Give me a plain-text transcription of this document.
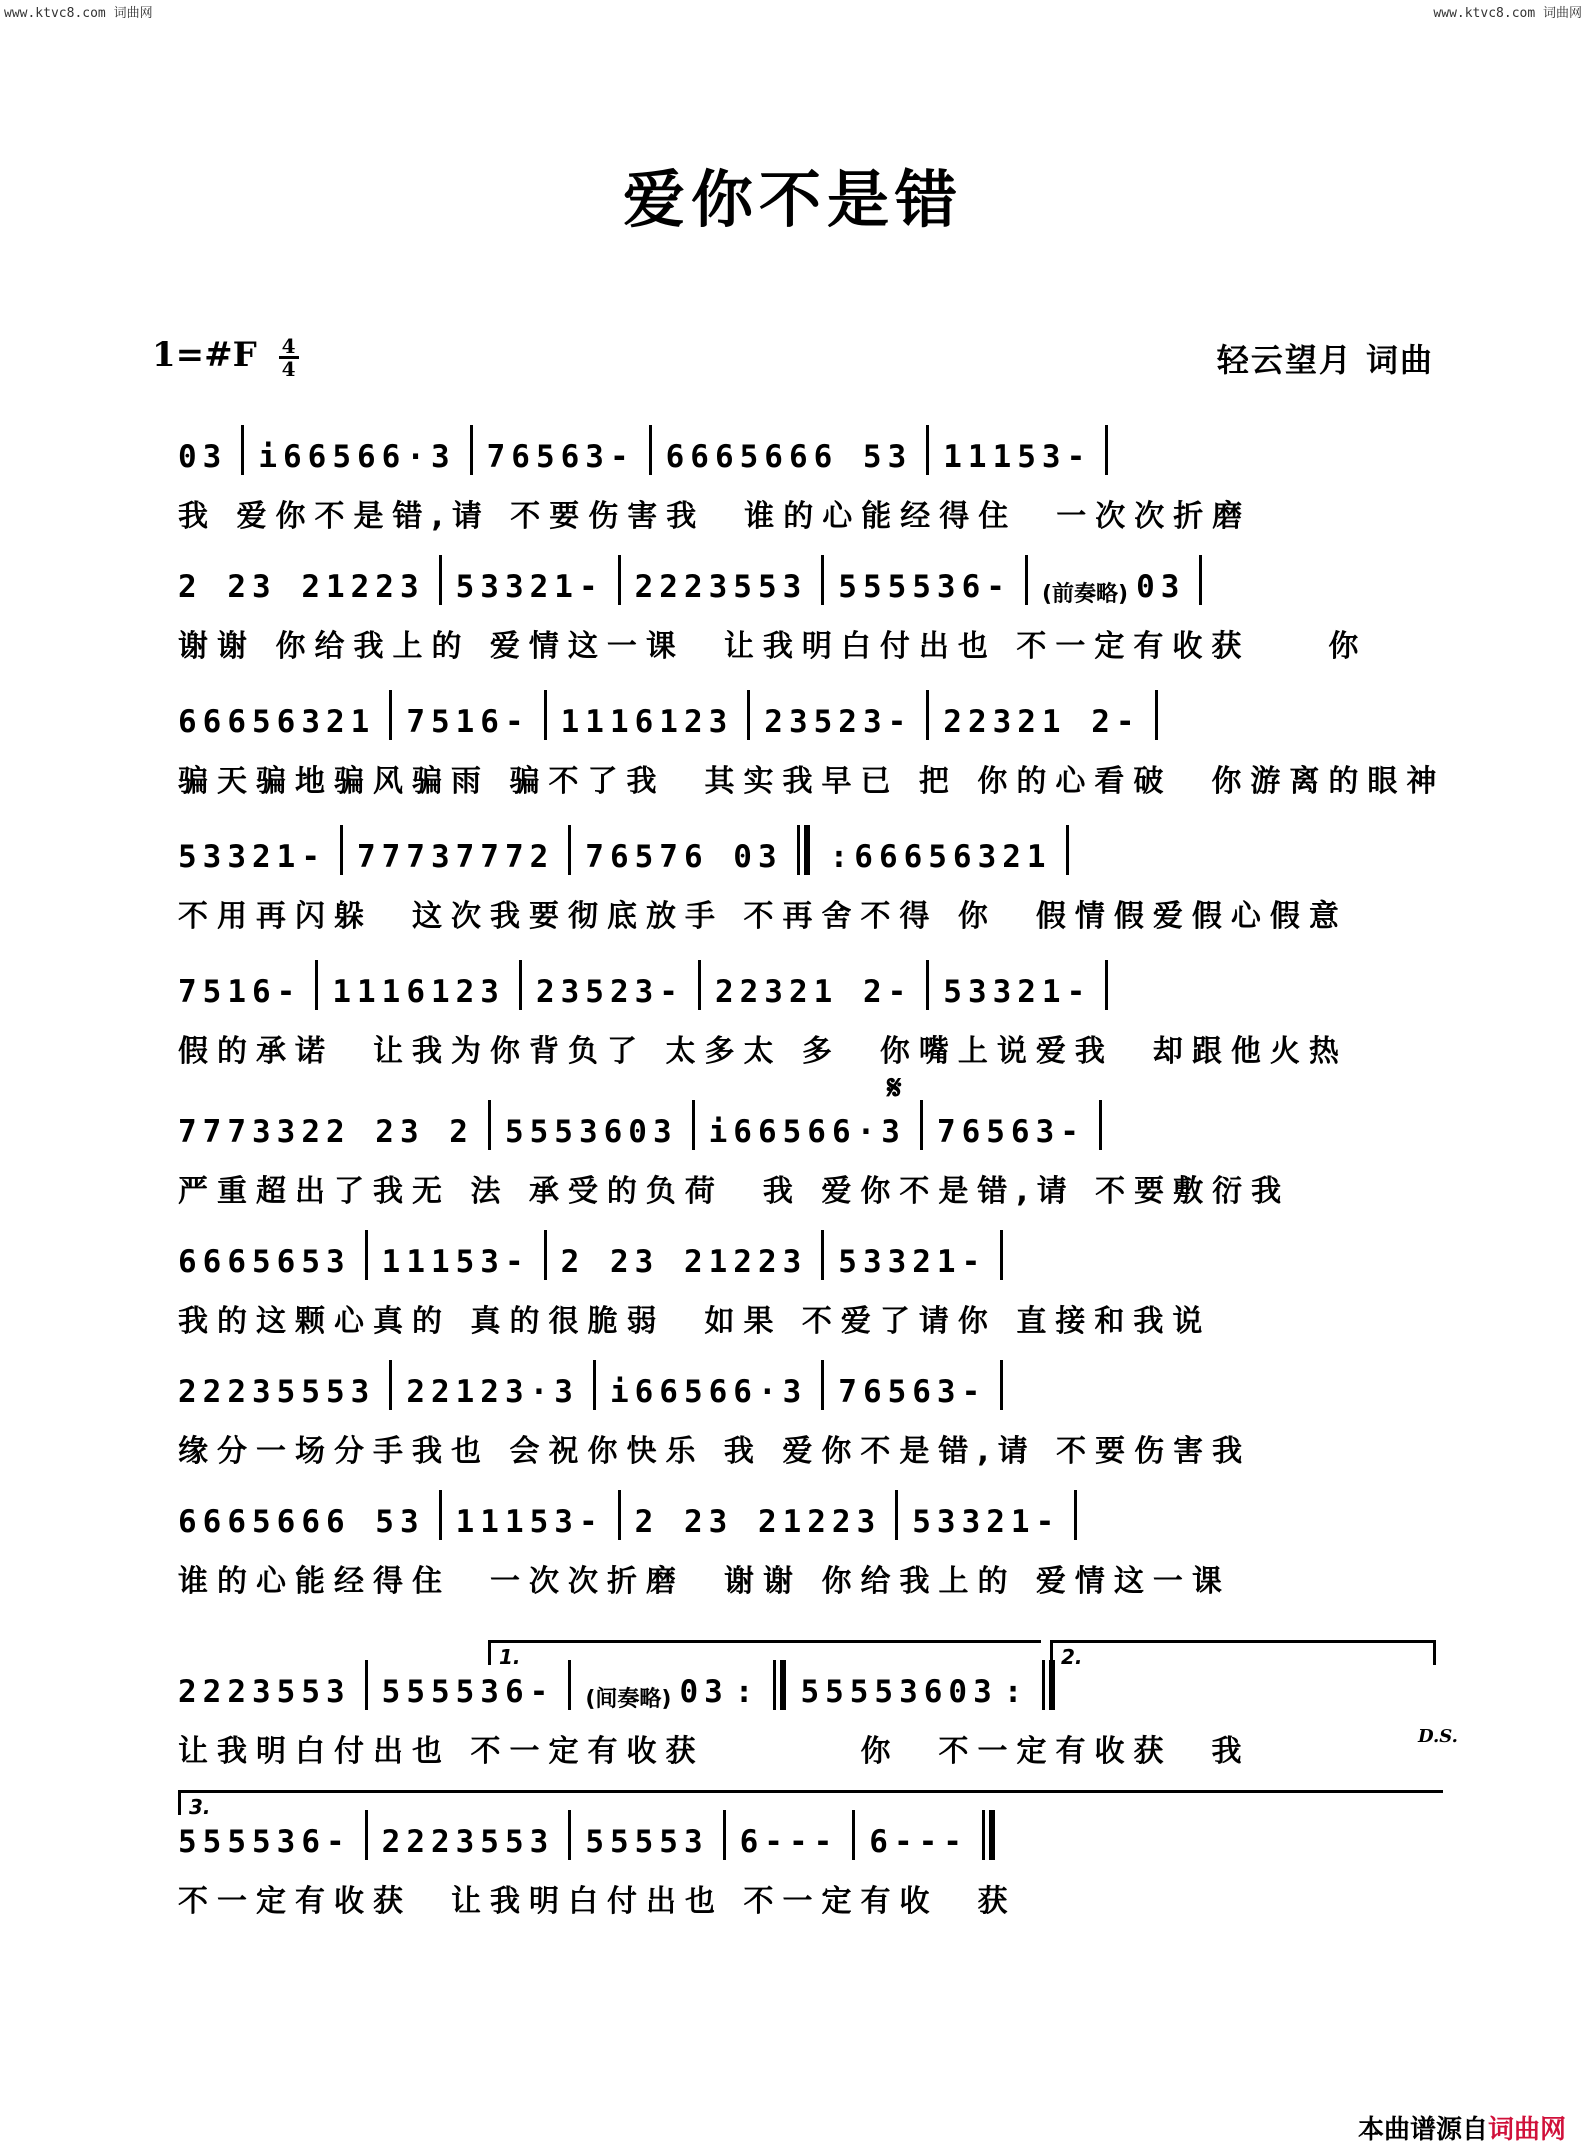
www.ktvc8.com 词曲网	www.ktvc8.com 词曲网
爱你不是错
1=#F $\frac{4}{4}$	轻云望月 词曲
𝄋
D.S.
03 i66566·3 76563- 6665666 53 11153-
我 爱你不是错,请 不要伤害我　谁的心能经得住　一次次折磨
2 23 21223 53321- 2223553 555536- (前奏略) 03
谢谢 你给我上的 爱情这一课　让我明白付出也 不一定有收获　　你
66656321 7516- 1116123 23523- 22321 2-
骗天骗地骗风骗雨 骗不了我　其实我早已 把 你的心看破　你游离的眼神
53321- 77737772 76576 03 : 66656321
不用再闪躲　这次我要彻底放手 不再舍不得 你　假情假爱假心假意
7516- 1116123 23523- 22321 2- 53321-
假的承诺　让我为你背负了 太多太 多　你嘴上说爱我　却跟他火热
7773322 23 2 5553603 i66566·3 76563-
严重超出了我无 法 承受的负荷　我 爱你不是错,请 不要敷衍我
6665653 11153- 2 23 21223 53321-
我的这颗心真的 真的很脆弱　如果 不爱了请你 直接和我说
22235553 22123·3 i66566·3 76563-
缘分一场分手我也 会祝你快乐 我 爱你不是错,请 不要伤害我
6665666 53 11153- 2 23 21223 53321-
谁的心能经得住　一次次折磨　谢谢 你给我上的 爱情这一课
1.	2.
2223553 555536- (间奏略) 03 : 55553603 :
让我明白付出也 不一定有收获　　　　你　不一定有收获　我
3.
555536- 2223553 55553 6--- 6---
不一定有收获　让我明白付出也 不一定有收　获
本曲谱源自词曲网
